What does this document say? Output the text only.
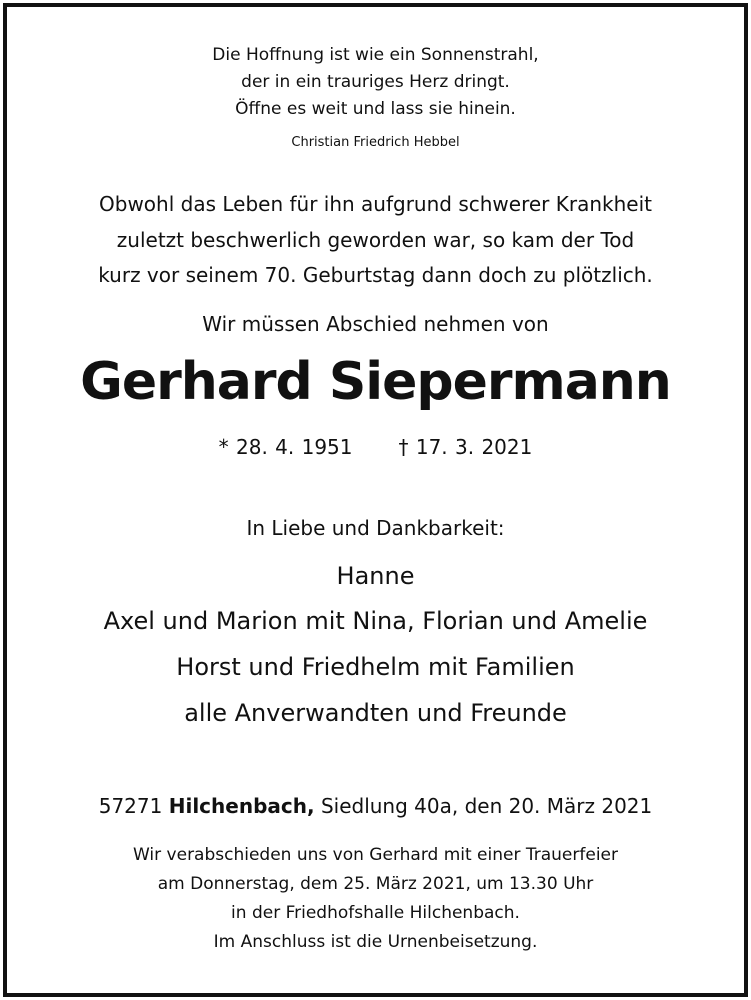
Die Hoffnung ist wie ein Sonnenstrahl,
der in ein trauriges Herz dringt.
Öffne es weit und lass sie hinein.
Christian Friedrich Hebbel
Obwohl das Leben für ihn aufgrund schwerer Krankheit
zuletzt beschwerlich geworden war, so kam der Tod
kurz vor seinem 70. Geburtstag dann doch zu plötzlich.
Wir müssen Abschied nehmen von
Gerhard Siepermann
* 28. 4. 1951 † 17. 3. 2021
In Liebe und Dankbarkeit:
Hanne
Axel und Marion mit Nina, Florian und Amelie
Horst und Friedhelm mit Familien
alle Anverwandten und Freunde
57271 Hilchenbach, Siedlung 40a, den 20. März 2021
Wir verabschieden uns von Gerhard mit einer Trauerfeier
am Donnerstag, dem 25. März 2021, um 13.30 Uhr
in der Friedhofshalle Hilchenbach.
Im Anschluss ist die Urnenbeisetzung.
